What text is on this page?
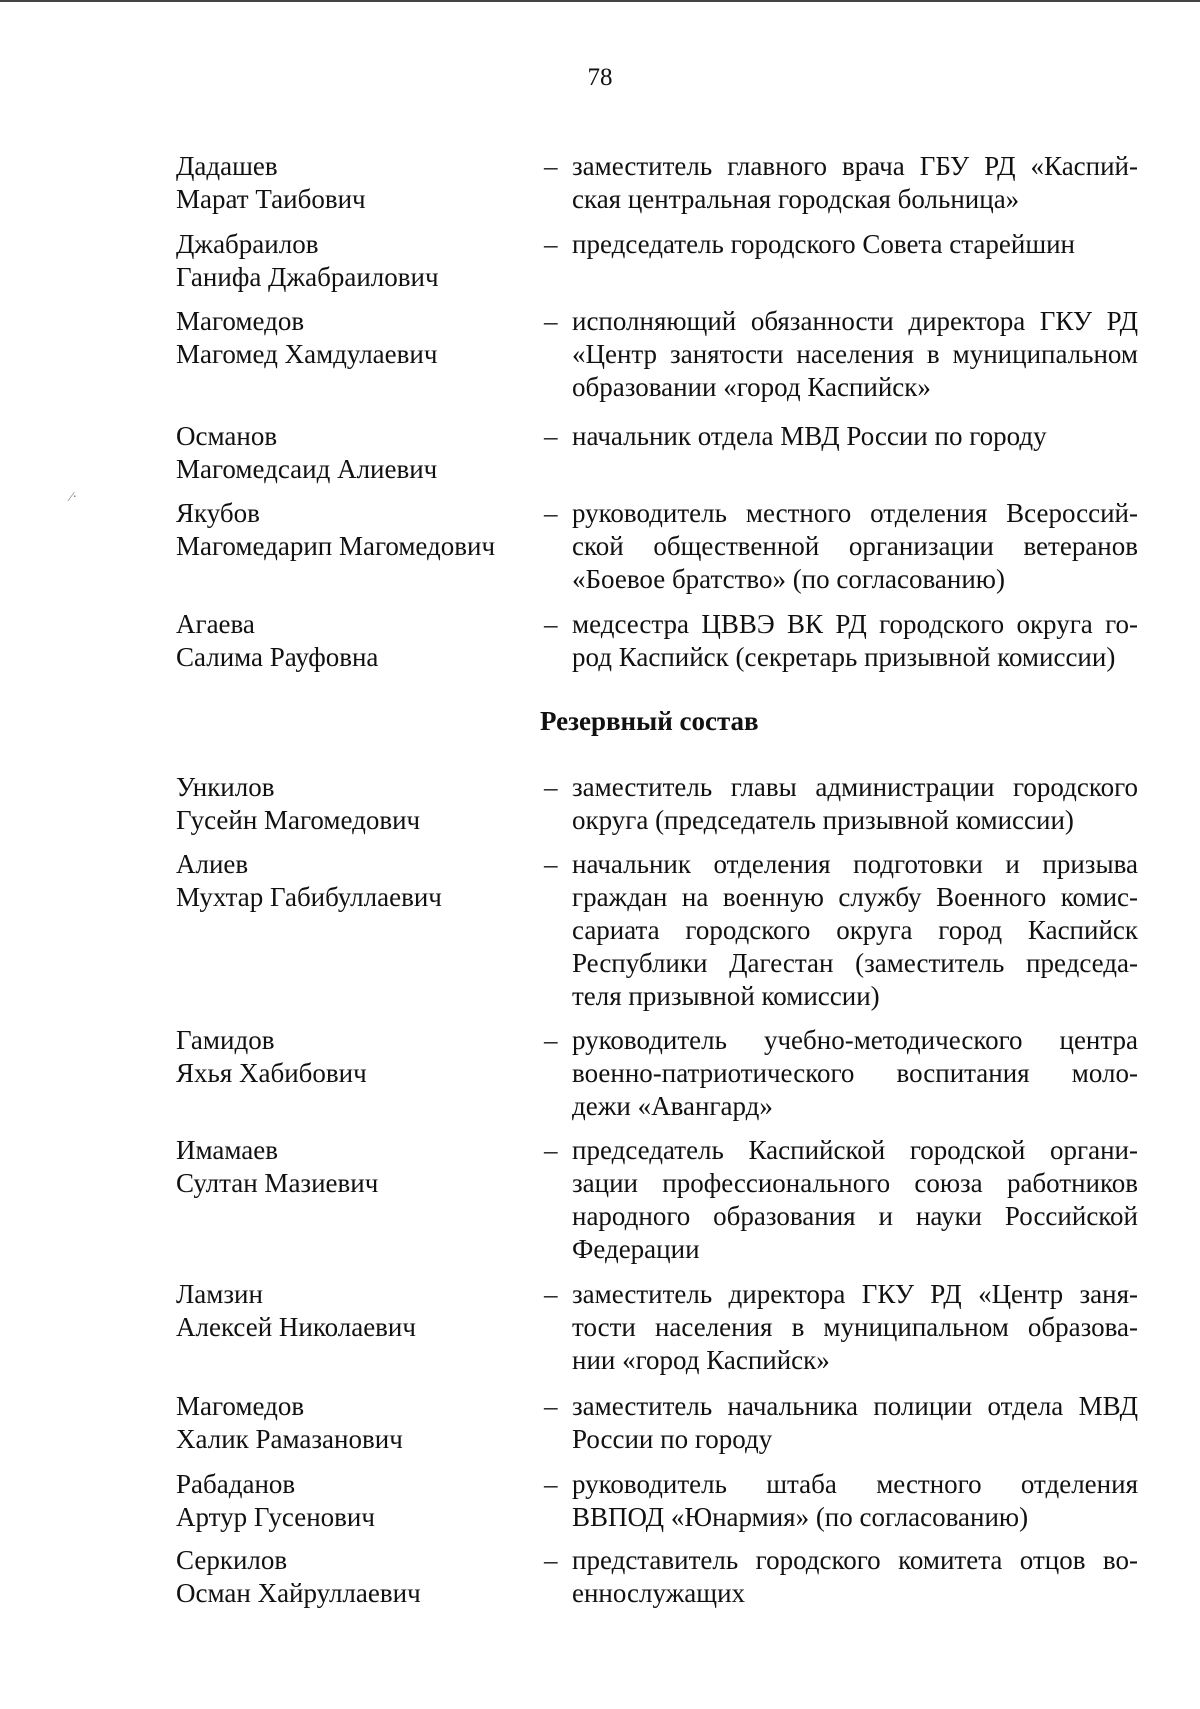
78
⁄·
Дадашев
Марат Таибович
– заместитель главного врача ГБУ РД «Каспий-
ская центральная городская больница»
Джабраилов
Ганифа Джабраилович
– председатель городского Совета старейшин
Магомедов
Магомед Хамдулаевич
– исполняющий обязанности директора ГКУ РД
«Центр занятости населения в муниципальном
образовании «город Каспийск»
Османов
Магомедсаид Алиевич
– начальник отдела МВД России по городу
Якубов
Магомедарип Магомедович
– руководитель местного отделения Всероссий-
ской общественной организации ветеранов
«Боевое братство» (по согласованию)
Агаева
Салима Рауфовна
– медсестра ЦВВЭ ВК РД городского округа го-
род Каспийск (секретарь призывной комиссии)
Резервный состав
Ункилов
Гусейн Магомедович
– заместитель главы администрации городского
округа (председатель призывной комиссии)
Алиев
Мухтар Габибуллаевич
– начальник отделения подготовки и призыва
граждан на военную службу Военного комис-
сариата городского округа город Каспийск
Республики Дагестан (заместитель председа-
теля призывной комиссии)
Гамидов
Яхья Хабибович
– руководитель учебно-методического центра
военно-патриотического воспитания моло-
дежи «Авангард»
Имамаев
Султан Мазиевич
– председатель Каспийской городской органи-
зации профессионального союза работников
народного образования и науки Российской
Федерации
Ламзин
Алексей Николаевич
– заместитель директора ГКУ РД «Центр заня-
тости населения в муниципальном образова-
нии «город Каспийск»
Магомедов
Халик Рамазанович
– заместитель начальника полиции отдела МВД
России по городу
Рабаданов
Артур Гусенович
– руководитель штаба местного отделения
ВВПОД «Юнармия» (по согласованию)
Серкилов
Осман Хайруллаевич
– представитель городского комитета отцов во-
еннослужащих
